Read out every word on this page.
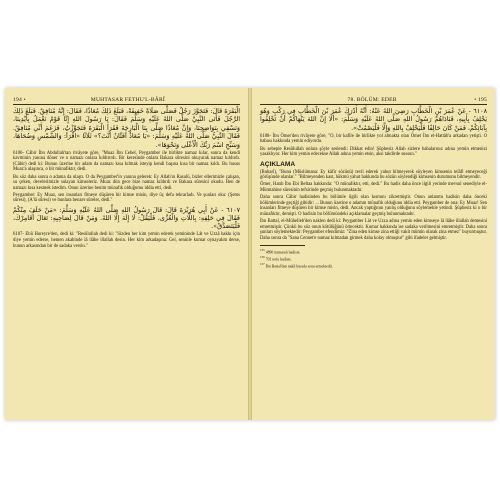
194 •	MUHTASAR FETHU'L-BÂRÎ

الْبَقَرَةَ قَالَ: فَتَجَوَّزَ رَجُلٌ فَصَلَّى صَلَاةً خَفِيفَةً، فَبَلَغَ ذَلِكَ مُعَاذًا، فَقَالَ: إِنَّهُ مُنَافِقٌ. فَبَلَغَ ذَلِكَ الرَّجُلَ فَأَتَى النَّبِيَّ صَلَّى اللهُ عَلَيْهِ وَسَلَّمَ فَقَالَ: يَا رَسُولَ اللهِ إِنَّا قَوْمٌ نَعْمَلُ بِأَيْدِينَا، وَنَسْقِي بِنَوَاضِحِنَا، وَإِنَّ مُعَاذًا صَلَّى بِنَا الْبَارِحَةَ فَقَرَأَ الْبَقَرَةَ فَتَجَوَّزْتُ، فَزَعَمَ أَنِّي مُنَافِقٌ. فَقَالَ النَّبِيُّ صَلَّى اللهُ عَلَيْهِ وَسَلَّمَ: «يَا مُعَاذُ أَفَتَّانٌ أَنْتَ؟» ثَلَاثًا «اقْرَأْ: وَالشَّمْسِ وَضُحَاهَا، وَسَبِّحِ اسْمَ رَبِّكَ الْأَعْلَى وَنَحْوَهَا».

6106- Câbir İbn Abdullah'tan rivâyete göre, "Muaz İbn Cebel, Peygamber ile birlikte namaz kılar, sonra da kendi kavminin yanına döner ve o namazı onlara kıldırırdı. Bir keresinde onlara Bakara sûresini okuyarak namaz kıldırdı. (Câbir) dedi ki: Bunun üzerine bir adam da namazı kısa kılmak isteyip kendi başına kısa bir namaz kıldı. Bu husus Muaz'a ulaşınca, o bir münafıktır, dedi.

Bu söz daha sonra o adama da ulaştı. O da Peygamber'in yanına gelerek: Ey Allah'ın Rasulü, bizler ellerimizle çalışan, su çeken, develerimizle sulayan kimseleriz. Muaz dün gece bize namaz kıldırdı ve Bakara sûresini okudu. Ben de namazı kısa kesmek istedim. Onun üzerine benim münafık olduğumu iddia etti, dedi.

Peygamber: Ey Muaz, sen insanları fitneye düşüren bir kimse misin, diye üç defa tekrarladı. Ve şunları oku: (Şems sûresi), (A'lâ sûresi) ve bunlara benzer sûreler, dedi."

٦١٠٧ - عَنْ أَبِي هُرَيْرَةَ قَالَ: قَالَ رَسُولُ اللهِ صَلَّى اللهُ عَلَيْهِ وَسَلَّمَ: «مَنْ حَلَفَ مِنْكُمْ فَقَالَ فِي حَلِفِهِ: بِاللَّاتِ وَالْعُزَّى، فَلْيَقُلْ: لَا إِلَهَ إِلَّا اللهُ. وَمَنْ قَالَ لِصَاحِبِهِ: تَعَالَ أُقَامِرْكَ، فَلْيَتَصَدَّقْ».

6107- Ebû Hureyre'den, dedi ki: "Resûlullah dedi ki: "Sizden her kim yemin ederek yemininde Lât ve Uzzâ hakkı için diye yemin ederse, hemen akabinde lâ ilâhe illallah desin. Her kim arkadaşına: Gel, seninle kumar oynayalım derse, bunun arkasından bir de sadaka versin."

78. BÖLÜM: EDEB	• 195

٦١٠٨ - عَنْ عُمَرَ بْنِ الْخَطَّابِ رَضِيَ اللهُ عَنْهُ: أَنَّهُ أَدْرَكَ عُمَرَ بْنَ الْخَطَّابِ فِي رَكْبٍ وَهُوَ يَحْلِفُ بِأَبِيهِ، فَنَادَاهُمْ رَسُولُ اللهِ صَلَّى اللهُ عَلَيْهِ وَسَلَّمَ: «أَلَا إِنَّ اللهَ يَنْهَاكُمْ أَنْ تَحْلِفُوا بِآبَائِكُمْ، فَمَنْ كَانَ حَالِفًا فَلْيَحْلِفْ بِاللهِ وَإِلَّا فَلْيَصْمُتْ».

6108- İbn Ömer'den rivâyete göre, "O, bir kafile ile birlikte yol almakta olan Ömer İbn el-Hattâb'a arkadan yetişti. O babası hakkında yemin ediyordu.

Bu sebeple Resûlullah onlara şöyle seslendi: Dikkat edin! Şüphesiz Allah sizlere babalarınız adına yemin etmenizi yasaklıyor. Her kim yemin edecekse Allah adına yemin etsin, aksi takdirde sussun."

AÇIKLAMA

(Buharî), "Bunu (Müslümana: Ey kâfir sözünü) tevil ederek yahut bilmeyerek söyleyen kimsenin telâfi etmeyeceği görüşünde olanlar." "Bilmeyenden kast, hükmü yahut hakkında bu sözün söylendiği kimsenin durumunu bilmeyendir.

Ömer, Hatıb İbn Ebi Beltaa hakkında: "O münafıktır, etti, dedi." Bu hadis daha önce ilgili yerinde mevsul senediyle el-Mümtahine sûresinin tefsirinde geçmiş bulunmaktadır.

Daha sonra Câbir hadisinden bu bölümle ilgili olan kısmını zikretmiştir. Onun anlatımı hadisin daha önceki bölümlerinde geçtiği gibidir: ... Bunun üzerine o adamın münafık olduğunu iddia etti. Peygamber de ona: Ey Muaz! Sen insanları fitneye düşüren bir kimse misin, dedi. Ancak yaptığının yanlış olduğunu söylemekle yetindi. Şüphesiz ki o bir münafıktır, demişti. O hadisin bu bölümündeki açıklamalar geçmiş bulunmaktadır.

İbn Battal, el-Mühelleb'den naklen dedi ki: Peygamber Lât ve Uzza adına yemin eden kimseye lâ ilâhe illallah demesini emretmiştir. Çünkü bu söz onun kötülüğünü örtecektir. Kumar hakkında ise sadaka verilmesini emretmiştir. Daha sonra şunları söylemektedir: Peygamber efendimiz: "Zina eden kimse zina ettiği vakit mümin olarak zina etmez" buyurmuştur. Daha sonra da "Sana Cennet'e namaz kılmadan girmek daha kolay olmuştur" gibi ifadeler gelmiştir.

$^{155}$ 4890 numaralı hadiste.

$^{156}$ 701 nolu hadiste.

$^{157}$ İbn Battal'dan nakil burada sona ermektedir.
